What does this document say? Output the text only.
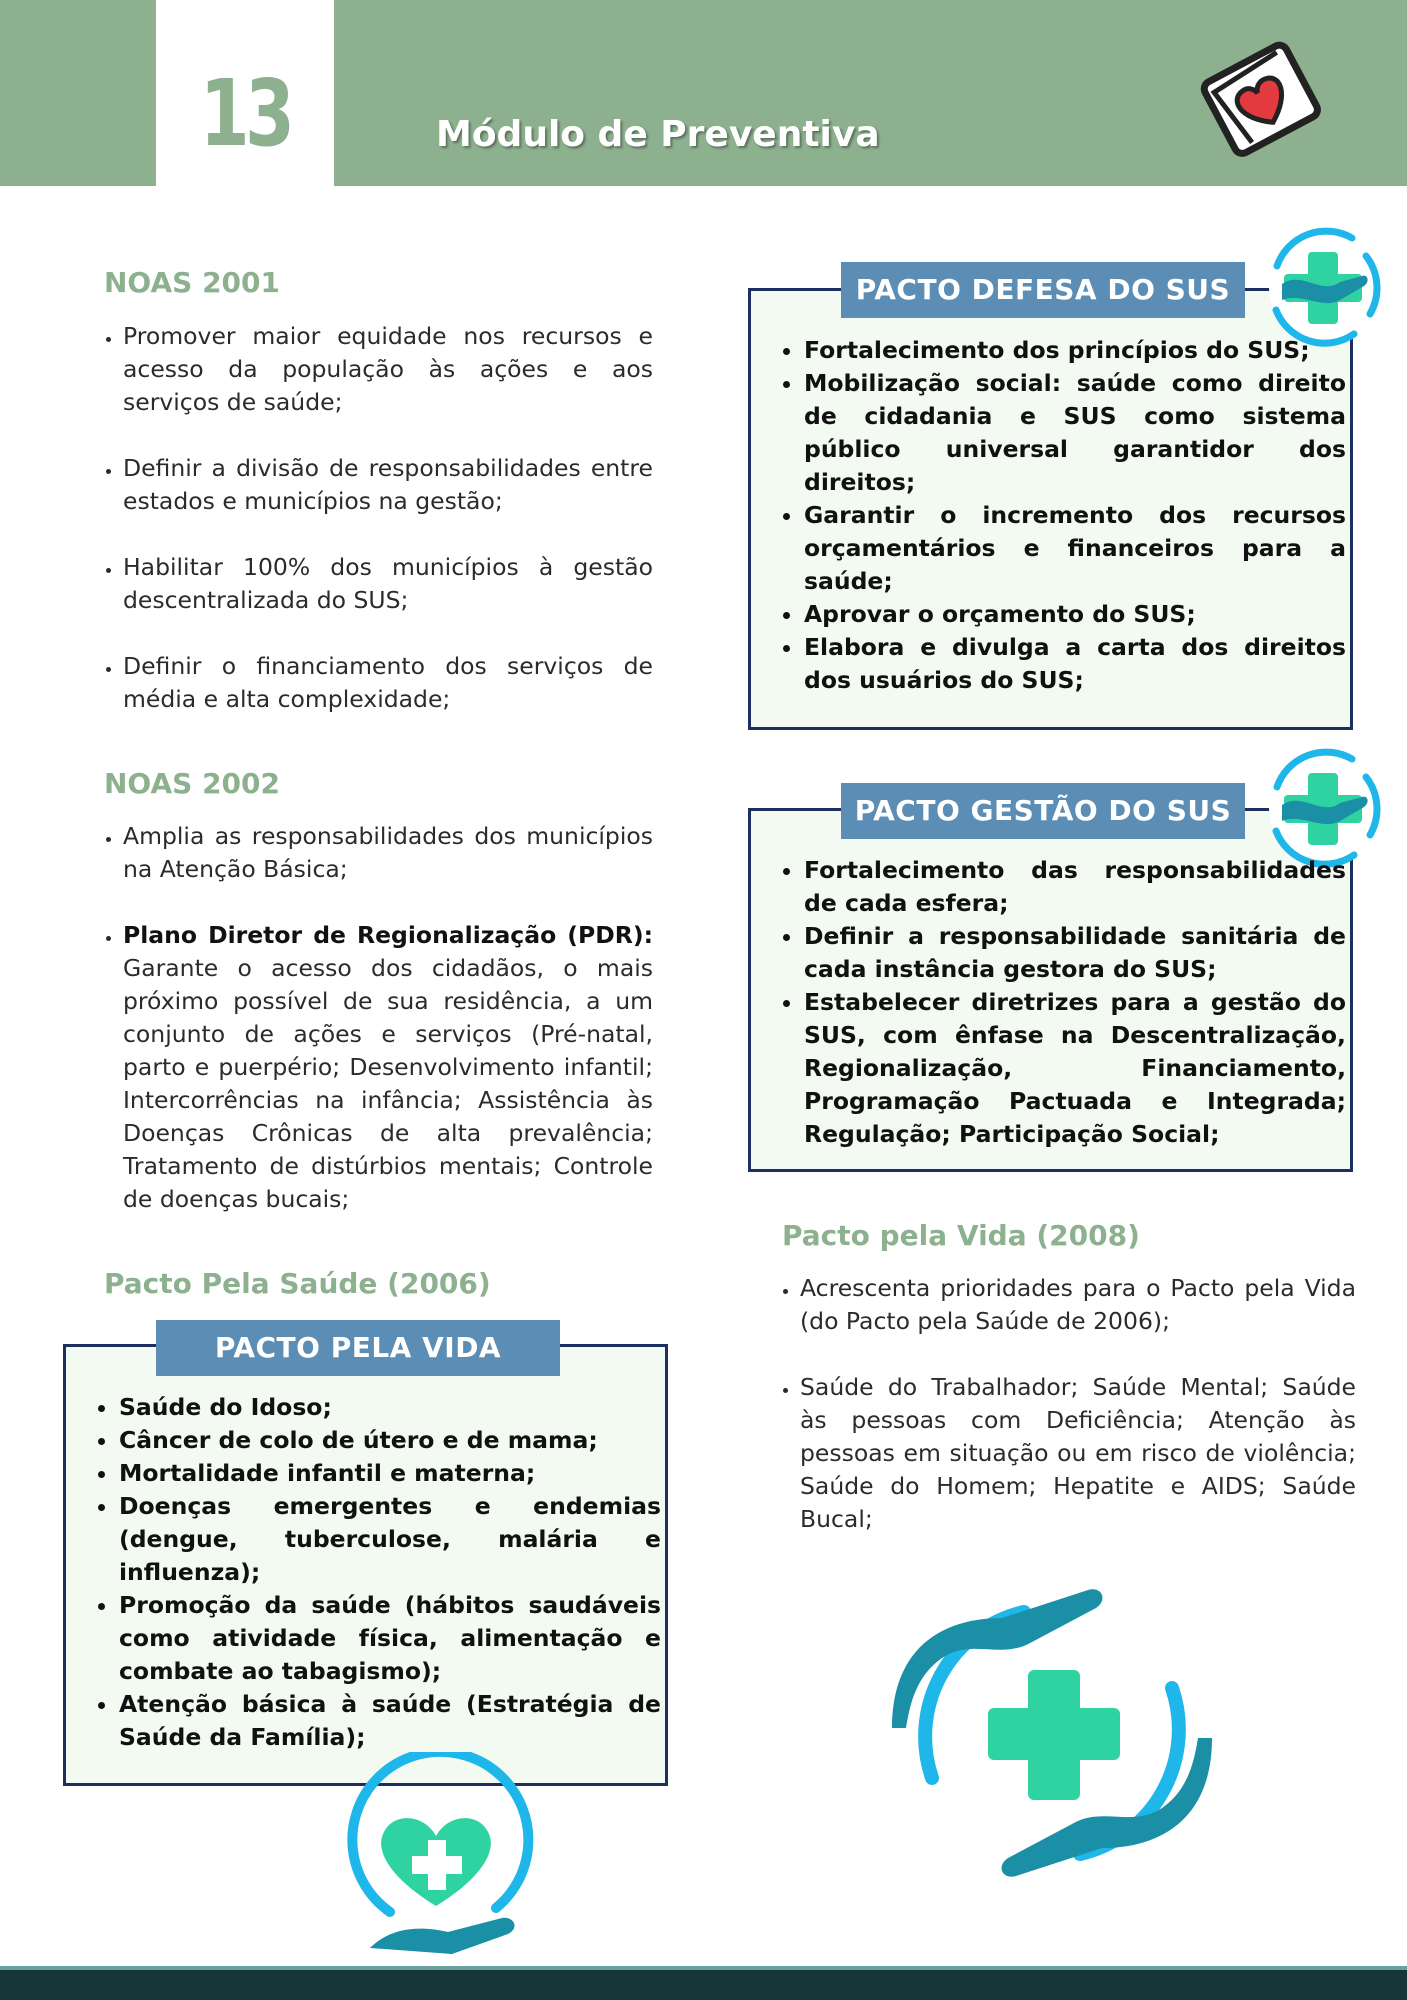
13	Módulo de Preventiva
NOAS 2001
• Promover maior equidade nos recursos e acesso da população às ações e aos serviços de saúde;
• Definir a divisão de responsabilidades entre estados e municípios na gestão;
• Habilitar 100% dos municípios à gestão descentralizada do SUS;
• Definir o financiamento dos serviços de média e alta complexidade;
NOAS 2002
• Amplia as responsabilidades dos municípios na Atenção Básica;
• Plano Diretor de Regionalização (PDR): Garante o acesso dos cidadãos, o mais próximo possível de sua residência, a um conjunto de ações e serviços (Pré-natal, parto e puerpério; Desenvolvimento infantil; Intercorrências na infância; Assistência às Doenças Crônicas de alta prevalência; Tratamento de distúrbios mentais; Controle de doenças bucais;
Pacto Pela Saúde (2006)
PACTO PELA VIDA
• Saúde do Idoso;
• Câncer de colo de útero e de mama;
• Mortalidade infantil e materna;
• Doenças emergentes e endemias (dengue, tuberculose, malária e influenza);
• Promoção da saúde (hábitos saudáveis como atividade física, alimentação e combate ao tabagismo);
• Atenção básica à saúde (Estratégia de Saúde da Família);
PACTO DEFESA DO SUS
• Fortalecimento dos princípios do SUS;
• Mobilização social: saúde como direito de cidadania e SUS como sistema público universal garantidor dos direitos;
• Garantir o incremento dos recursos orçamentários e financeiros para a saúde;
• Aprovar o orçamento do SUS;
• Elabora e divulga a carta dos direitos dos usuários do SUS;
PACTO GESTÃO DO SUS
• Fortalecimento das responsabilidades de cada esfera;
• Definir a responsabilidade sanitária de cada instância gestora do SUS;
• Estabelecer diretrizes para a gestão do SUS, com ênfase na Descentralização, Regionalização, Financiamento, Programação Pactuada e Integrada; Regulação; Participação Social;
Pacto pela Vida (2008)
• Acrescenta prioridades para o Pacto pela Vida (do Pacto pela Saúde de 2006);
• Saúde do Trabalhador; Saúde Mental; Saúde às pessoas com Deficiência; Atenção às pessoas em situação ou em risco de violência; Saúde do Homem; Hepatite e AIDS; Saúde Bucal;
